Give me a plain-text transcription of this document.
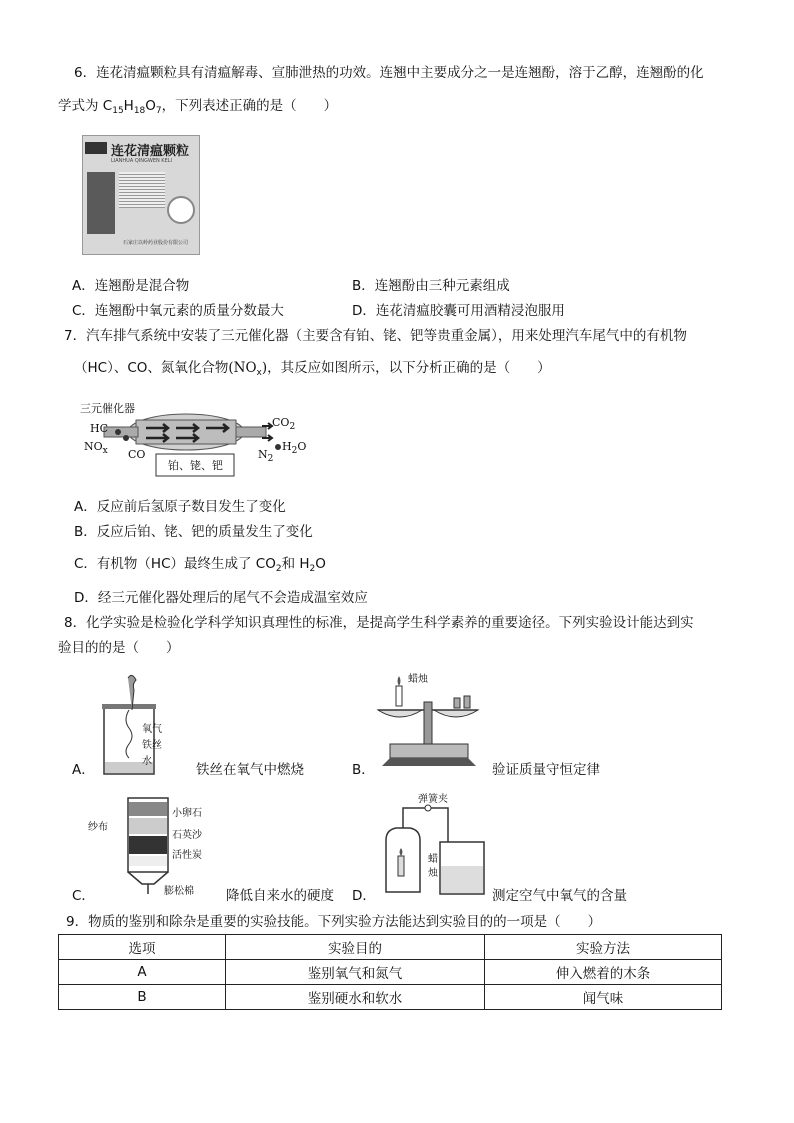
6．连花清瘟颗粒具有清瘟解毒、宣肺泄热的功效。连翘中主要成分之一是连翘酚，溶于乙醇，连翘酚的化
学式为 $C_{15}H_{18}O_7$，下列表述正确的是（　　）
连花清瘟颗粒
LIANHUA QINGWEN KELI
石家庄以岭药业股份有限公司
A．连翘酚是混合物	B．连翘酚由三种元素组成
C．连翘酚中氧元素的质量分数最大	D．连花清瘟胶囊可用酒精浸泡服用
7．汽车排气系统中安装了三元催化器（主要含有铂、铑、钯等贵重金属），用来处理汽车尾气中的有机物
（HC）、CO、氮氧化合物$(NO_x)$，其反应如图所示，以下分析正确的是（　　）
三元催化器
HC
$NO_x$ CO
$CO_2$
$H_2O$
$N_2$
铂、铑、钯
A．反应前后氢原子数目发生了变化
B．反应后铂、铑、钯的质量发生了变化
C．有机物（HC）最终生成了 $CO_2$和 $H_2O$
D．经三元催化器处理后的尾气不会造成温室效应
8．化学实验是检验化学科学知识真理性的标准，是提高学生科学素养的重要途径。下列实验设计能达到实
验目的的是（　　）
A．
氧气
铁丝
水
铁丝在氧气中燃烧	B．
蜡烛
验证质量守恒定律
C．
纱布
小卵石
石英沙
活性炭
膨松棉 降低自来水的硬度 D．
弹簧夹
蜡
烛
测定空气中氧气的含量
9．物质的鉴别和除杂是重要的实验技能。下列实验方法能达到实验目的的一项是（　　）
选项	实验目的	实验方法
A	鉴别氧气和氮气	伸入燃着的木条
B	鉴别硬水和软水	闻气味
